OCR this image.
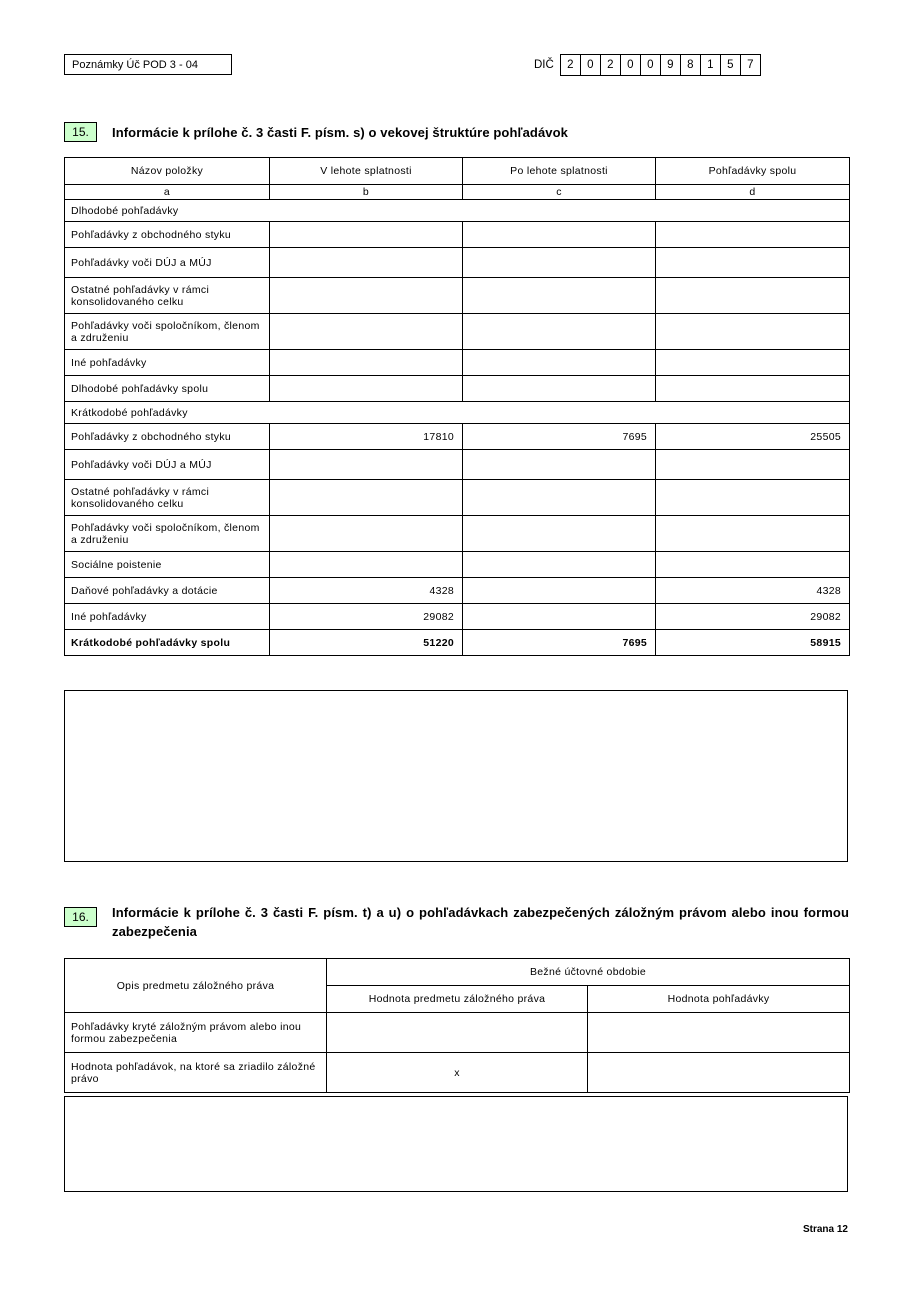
Poznámky Úč POD 3 - 04	DIČ	2	0	2	0	0	9	8	1	5	7
15.	Informácie k prílohe č. 3 časti F. písm. s) o vekovej štruktúre pohľadávok
Názov položky	V lehote splatnosti	Po lehote splatnosti	Pohľadávky spolu
a	b	c	d
Dlhodobé pohľadávky			
Pohľadávky z obchodného styku			
Pohľadávky voči DÚJ a MÚJ			
Ostatné pohľadávky v rámci konsolidovaného celku			
Pohľadávky voči spoločníkom, členom a združeniu			
Iné pohľadávky			
Dlhodobé pohľadávky spolu			
Krátkodobé pohľadávky			
Pohľadávky z obchodného styku	17810	7695	25505
Pohľadávky voči DÚJ a MÚJ			
Ostatné pohľadávky v rámci konsolidovaného celku			
Pohľadávky voči spoločníkom, členom a združeniu			
Sociálne poistenie			
Daňové pohľadávky a dotácie	4328		4328
Iné pohľadávky	29082		29082
Krátkodobé pohľadávky spolu	51220	7695	58915
16.	Informácie k prílohe č. 3 časti F. písm. t) a u) o pohľadávkach zabezpečených záložným právom alebo inou formou zabezpečenia
Opis predmetu záložného práva	Bežné účtovné obdobie	
	Hodnota predmetu záložného práva	Hodnota pohľadávky
Pohľadávky kryté záložným právom alebo inou formou zabezpečenia		
Hodnota pohľadávok, na ktoré sa zriadilo záložné právo	x	
Strana 12
